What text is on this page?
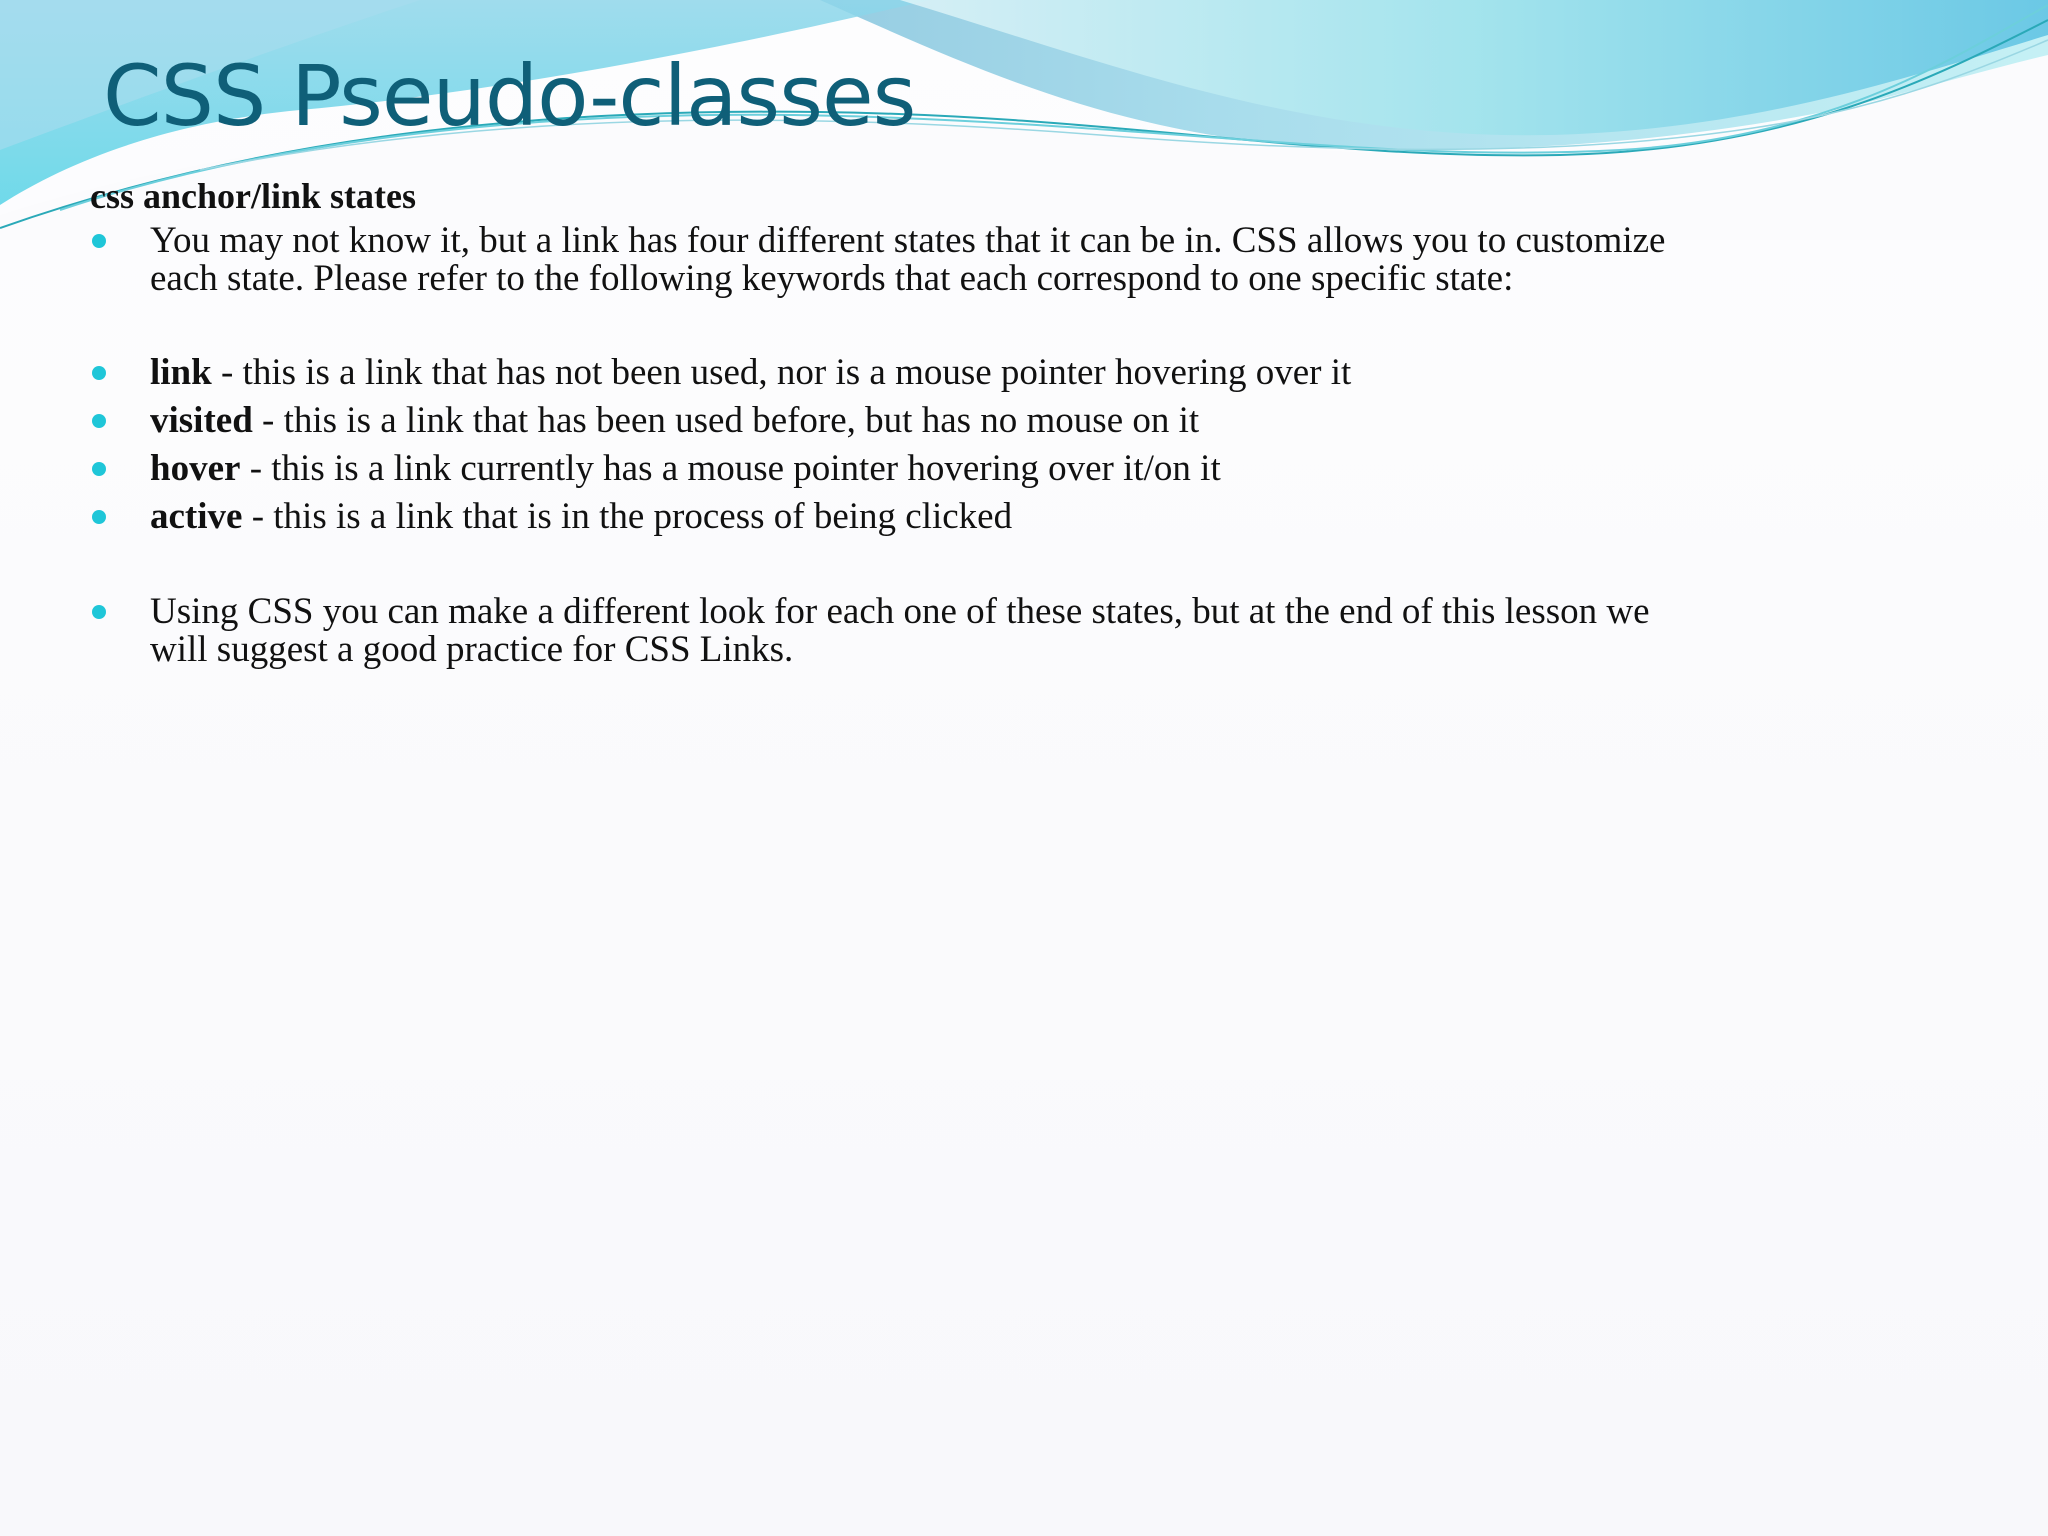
CSS Pseudo-classes
css anchor/link states
You may not know it, but a link has four different states that it can be in. CSS allows you to customize
each state. Please refer to the following keywords that each correspond to one specific state:
link - this is a link that has not been used, nor is a mouse pointer hovering over it
visited - this is a link that has been used before, but has no mouse on it
hover - this is a link currently has a mouse pointer hovering over it/on it
active - this is a link that is in the process of being clicked
Using CSS you can make a different look for each one of these states, but at the end of this lesson we
will suggest a good practice for CSS Links.
